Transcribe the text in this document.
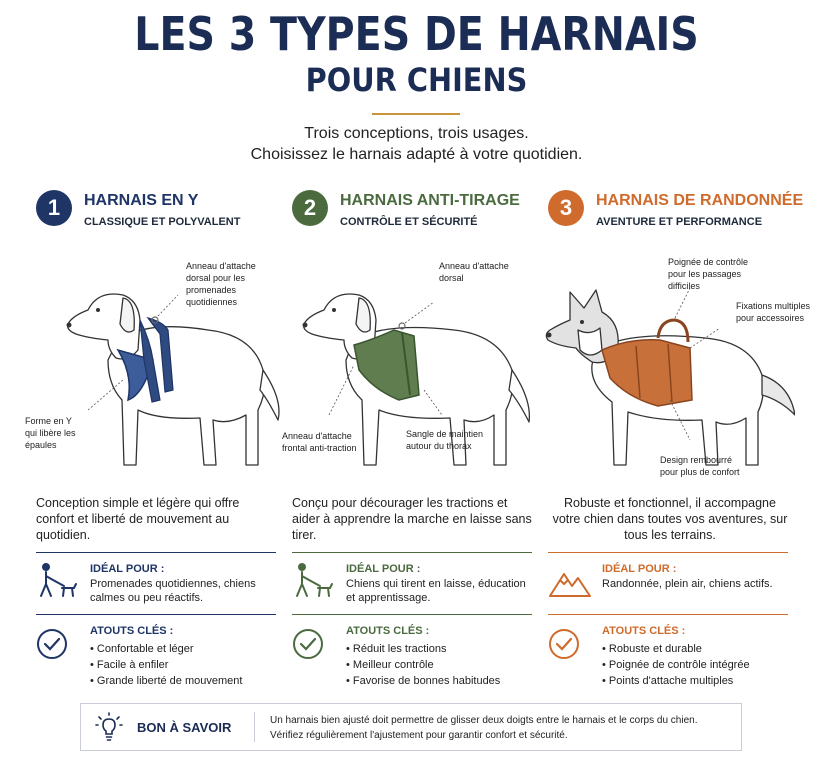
LES 3 TYPES DE HARNAIS
POUR CHIENS
Trois conceptions, trois usages.
Choisissez le harnais adapté à votre quotidien.
1	HARNAIS EN Y
CLASSIQUE ET POLYVALENT
Anneau d'attache dorsal pour les promenades quotidiennes
Forme en Y qui libère les épaules
Conception simple et légère qui offre confort et liberté de mouvement au quotidien.
IDÉAL POUR :
Promenades quotidiennes, chiens calmes ou peu réactifs.
ATOUTS CLÉS :
• Confortable et léger
• Facile à enfiler
• Grande liberté de mouvement
2	HARNAIS ANTI-TIRAGE
CONTRÔLE ET SÉCURITÉ
Anneau d'attache dorsal
Anneau d'attache frontal anti-traction
Sangle de maintien autour du thorax
Conçu pour décourager les tractions et aider à apprendre la marche en laisse sans tirer.
IDÉAL POUR :
Chiens qui tirent en laisse, éducation et apprentissage.
ATOUTS CLÉS :
• Réduit les tractions
• Meilleur contrôle
• Favorise de bonnes habitudes
3	HARNAIS DE RANDONNÉE
AVENTURE ET PERFORMANCE
Poignée de contrôle pour les passages difficiles
Fixations multiples pour accessoires
Design rembourré pour plus de confort
Robuste et fonctionnel, il accompagne votre chien dans toutes vos aventures, sur tous les terrains.
IDÉAL POUR :
Randonnée, plein air, chiens actifs.
ATOUTS CLÉS :
• Robuste et durable
• Poignée de contrôle intégrée
• Points d'attache multiples
BON À SAVOIR	Un harnais bien ajusté doit permettre de glisser deux doigts entre le harnais et le corps du chien.
Vérifiez régulièrement l'ajustement pour garantir confort et sécurité.
